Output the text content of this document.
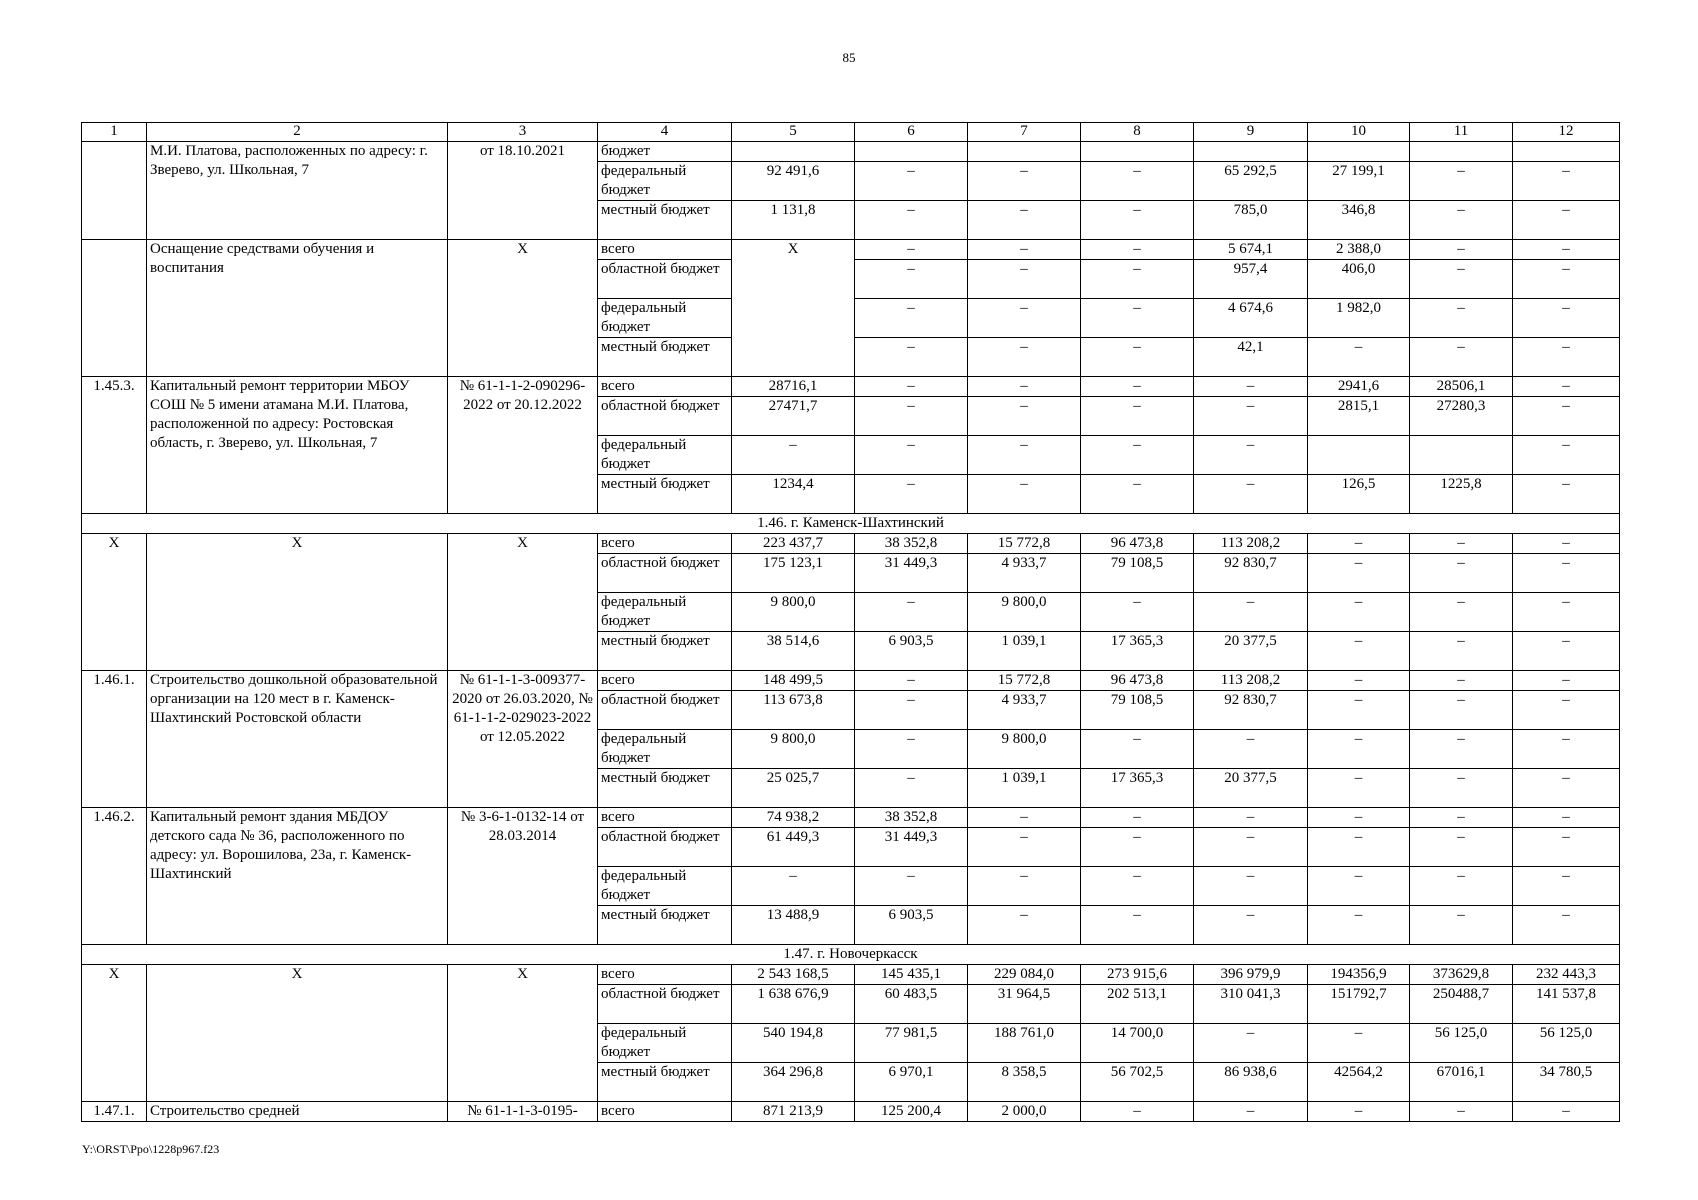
85
1	2	3	4	5	6	7	8	9	10	11	12
	М.И. Платова, расположенных по адресу: г. Зверево, ул. Школьная, 7	от 18.10.2021	бюджет								
			федеральный бюджет	92 491,6	–	–	–	65 292,5	27 199,1	–	–
			местный бюджет	1 131,8	–	–	–	785,0	346,8	–	–
	Оснащение средствами обучения и воспитания	X	всего	X	–	–	–	5 674,1	2 388,0	–	–
			областной бюджет		–	–	–	957,4	406,0	–	–
			федеральный бюджет		–	–	–	4 674,6	1 982,0	–	–
			местный бюджет		–	–	–	42,1	–	–	–
1.45.3.	Капитальный ремонт территории МБОУ СОШ № 5 имени атамана М.И. Платова, расположенной по адресу: Ростовская область, г. Зверево, ул. Школьная, 7	№ 61-1-1-2-090296-2022 от 20.12.2022	всего	28716,1	–	–	–	–	2941,6	28506,1	–
			областной бюджет	27471,7	–	–	–	–	2815,1	27280,3	–
			федеральный бюджет	–	–	–	–	–			–
			местный бюджет	1234,4	–	–	–	–	126,5	1225,8	–
1.46. г. Каменск-Шахтинский											
X	X	X	всего	223 437,7	38 352,8	15 772,8	96 473,8	113 208,2	–	–	–
			областной бюджет	175 123,1	31 449,3	4 933,7	79 108,5	92 830,7	–	–	–
			федеральный бюджет	9 800,0	–	9 800,0	–	–	–	–	–
			местный бюджет	38 514,6	6 903,5	1 039,1	17 365,3	20 377,5	–	–	–
1.46.1.	Строительство дошкольной образовательной организации на 120 мест в г. Каменск-Шахтинский Ростовской области	№ 61-1-1-3-009377-2020 от 26.03.2020, № 61-1-1-2-029023-2022 от 12.05.2022	всего	148 499,5	–	15 772,8	96 473,8	113 208,2	–	–	–
			областной бюджет	113 673,8	–	4 933,7	79 108,5	92 830,7	–	–	–
			федеральный бюджет	9 800,0	–	9 800,0	–	–	–	–	–
			местный бюджет	25 025,7	–	1 039,1	17 365,3	20 377,5	–	–	–
1.46.2.	Капитальный ремонт здания МБДОУ детского сада № 36, расположенного по адресу: ул. Ворошилова, 23а, г. Каменск-Шахтинский	№ 3-6-1-0132-14 от 28.03.2014	всего	74 938,2	38 352,8	–	–	–	–	–	–
			областной бюджет	61 449,3	31 449,3	–	–	–	–	–	–
			федеральный бюджет	–	–	–	–	–	–	–	–
			местный бюджет	13 488,9	6 903,5	–	–	–	–	–	–
1.47. г. Новочеркасск											
X	X	X	всего	2 543 168,5	145 435,1	229 084,0	273 915,6	396 979,9	194356,9	373629,8	232 443,3
			областной бюджет	1 638 676,9	60 483,5	31 964,5	202 513,1	310 041,3	151792,7	250488,7	141 537,8
			федеральный бюджет	540 194,8	77 981,5	188 761,0	14 700,0	–	–	56 125,0	56 125,0
			местный бюджет	364 296,8	6 970,1	8 358,5	56 702,5	86 938,6	42564,2	67016,1	34 780,5
1.47.1.	Строительство средней	№ 61-1-1-3-0195-	всего	871 213,9	125 200,4	2 000,0	–	–	–	–	–
Y:\ORST\Ppo\1228p967.f23
